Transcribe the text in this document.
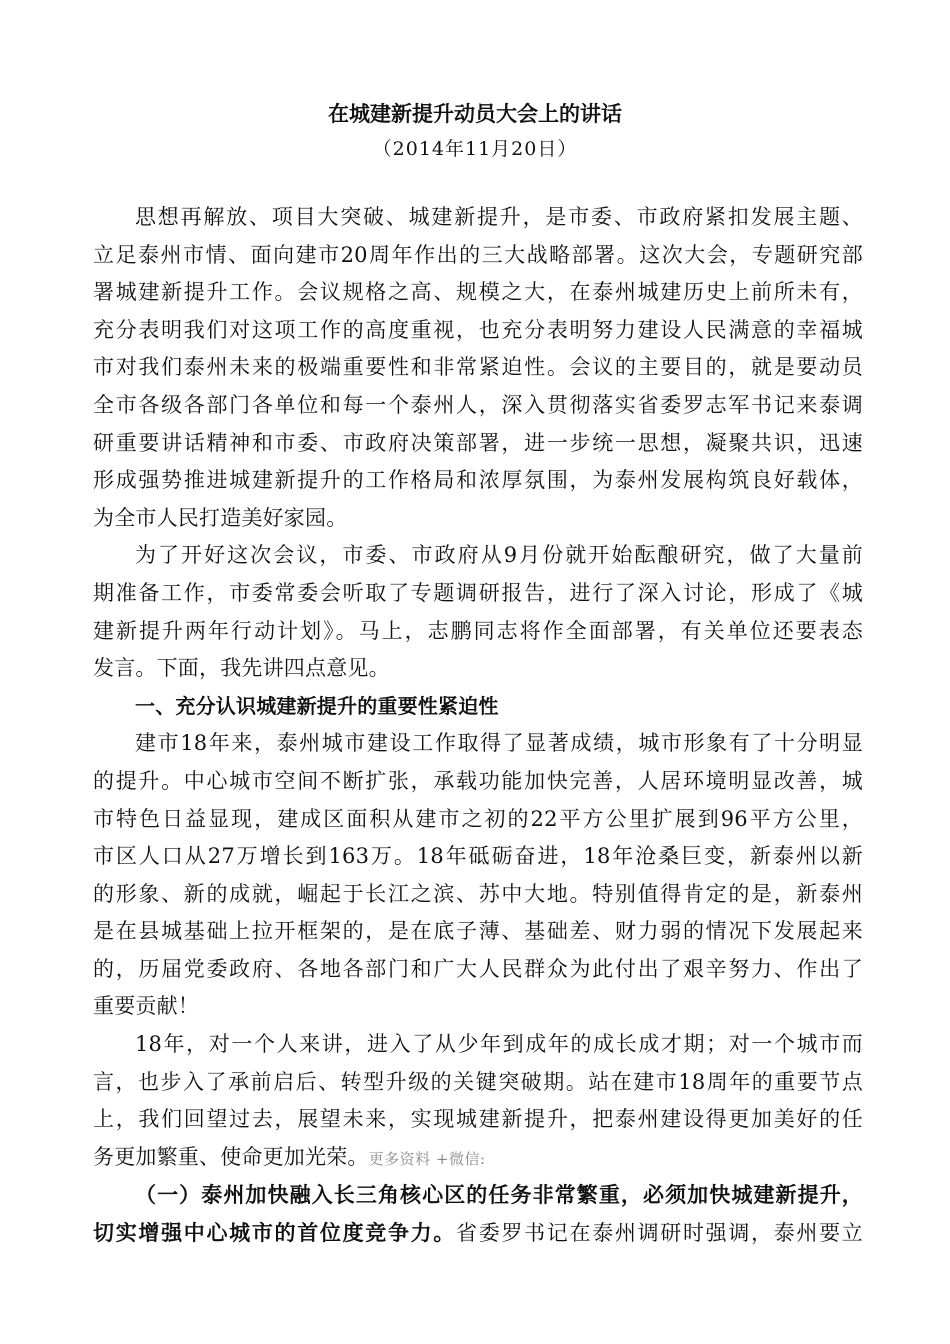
在城建新提升动员大会上的讲话
（2014年11月20日）
思想再解放、项目大突破、城建新提升，是市委、市政府紧扣发展主题、
立足泰州市情、面向建市20周年作出的三大战略部署。这次大会，专题研究部
署城建新提升工作。会议规格之高、规模之大，在泰州城建历史上前所未有，
充分表明我们对这项工作的高度重视，也充分表明努力建设人民满意的幸福城
市对我们泰州未来的极端重要性和非常紧迫性。会议的主要目的，就是要动员
全市各级各部门各单位和每一个泰州人，深入贯彻落实省委罗志军书记来泰调
研重要讲话精神和市委、市政府决策部署，进一步统一思想，凝聚共识，迅速
形成强势推进城建新提升的工作格局和浓厚氛围，为泰州发展构筑良好载体，
为全市人民打造美好家园。
为了开好这次会议，市委、市政府从9月份就开始酝酿研究，做了大量前
期准备工作，市委常委会听取了专题调研报告，进行了深入讨论，形成了《城
建新提升两年行动计划》。马上，志鹏同志将作全面部署，有关单位还要表态
发言。下面，我先讲四点意见。
一、充分认识城建新提升的重要性紧迫性
建市18年来，泰州城市建设工作取得了显著成绩，城市形象有了十分明显
的提升。中心城市空间不断扩张，承载功能加快完善，人居环境明显改善，城
市特色日益显现，建成区面积从建市之初的22平方公里扩展到96平方公里，
市区人口从27万增长到163万。18年砥砺奋进，18年沧桑巨变，新泰州以新
的形象、新的成就，崛起于长江之滨、苏中大地。特别值得肯定的是，新泰州
是在县城基础上拉开框架的，是在底子薄、基础差、财力弱的情况下发展起来
的，历届党委政府、各地各部门和广大人民群众为此付出了艰辛努力、作出了
重要贡献！
18年，对一个人来讲，进入了从少年到成年的成长成才期；对一个城市而
言，也步入了承前启后、转型升级的关键突破期。站在建市18周年的重要节点
上，我们回望过去，展望未来，实现城建新提升，把泰州建设得更加美好的任
务更加繁重、使命更加光荣。更多资料 +微信:
（一）泰州加快融入长三角核心区的任务非常繁重，必须加快城建新提升，
切实增强中心城市的首位度竞争力。省委罗书记在泰州调研时强调，泰州要立
